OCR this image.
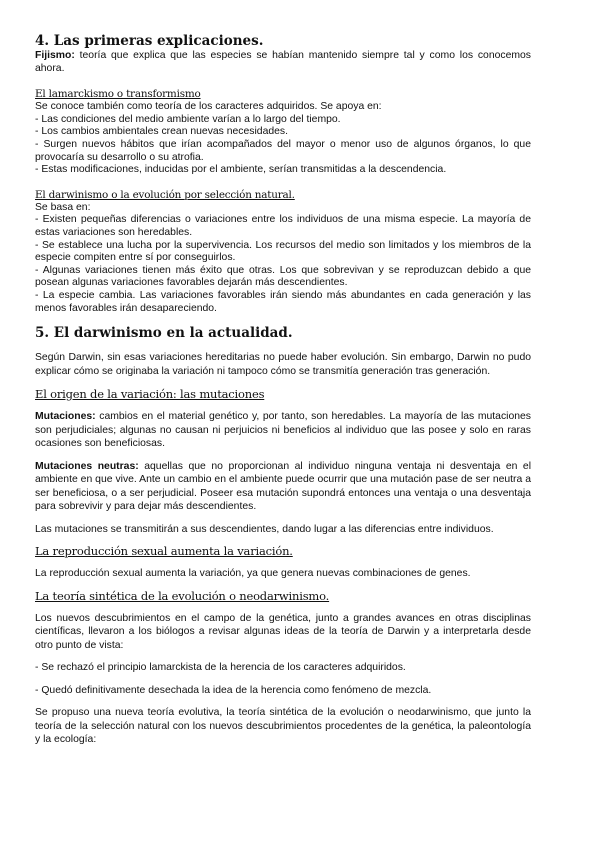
4. Las primeras explicaciones.

Fijismo: teoría que explica que las especies se habían mantenido siempre tal y como los conocemos ahora.

El lamarckismo o transformismo

Se conoce también como teoría de los caracteres adquiridos. Se apoya en:

- Las condiciones del medio ambiente varían a lo largo del tiempo.

- Los cambios ambientales crean nuevas necesidades.

- Surgen nuevos hábitos que irían acompañados del mayor o menor uso de algunos órganos, lo que provocaría su desarrollo o su atrofia.

- Estas modificaciones, inducidas por el ambiente, serían transmitidas a la descendencia.

El darwinismo o la evolución por selección natural.

Se basa en:

- Existen pequeñas diferencias o variaciones entre los individuos de una misma especie. La mayoría de estas variaciones son heredables.

- Se establece una lucha por la supervivencia. Los recursos del medio son limitados y los miembros de la especie compiten entre sí por conseguirlos.

- Algunas variaciones tienen más éxito que otras. Los que sobrevivan y se reproduzcan debido a que posean algunas variaciones favorables dejarán más descendientes.

- La especie cambia. Las variaciones favorables irán siendo más abundantes en cada generación y las menos favorables irán desapareciendo.

5. El darwinismo en la actualidad.

Según Darwin, sin esas variaciones hereditarias no puede haber evolución. Sin embargo, Darwin no pudo explicar cómo se originaba la variación ni tampoco cómo se transmitía generación tras generación.

El origen de la variación: las mutaciones

Mutaciones: cambios en el material genético y, por tanto, son heredables. La mayoría de las mutaciones son perjudiciales; algunas no causan ni perjuicios ni beneficios al individuo que las posee y solo en raras ocasiones son beneficiosas.

Mutaciones neutras: aquellas que no proporcionan al individuo ninguna ventaja ni desventaja en el ambiente en que vive. Ante un cambio en el ambiente puede ocurrir que una mutación pase de ser neutra a ser beneficiosa, o a ser perjudicial. Poseer esa mutación supondrá entonces una ventaja o una desventaja para sobrevivir y para dejar más descendientes.

Las mutaciones se transmitirán a sus descendientes, dando lugar a las diferencias entre individuos.

La reproducción sexual aumenta la variación.

La reproducción sexual aumenta la variación, ya que genera nuevas combinaciones de genes.

La teoría sintética de la evolución o neodarwinismo.

Los nuevos descubrimientos en el campo de la genética, junto a grandes avances en otras disciplinas científicas, llevaron a los biólogos a revisar algunas ideas de la teoría de Darwin y a interpretarla desde otro punto de vista:

- Se rechazó el principio lamarckista de la herencia de los caracteres adquiridos.

- Quedó definitivamente desechada la idea de la herencia como fenómeno de mezcla.

Se propuso una nueva teoría evolutiva, la teoría sintética de la evolución o neodarwinismo, que junto la teoría de la selección natural con los nuevos descubrimientos procedentes de la genética, la paleontología y la ecología:
